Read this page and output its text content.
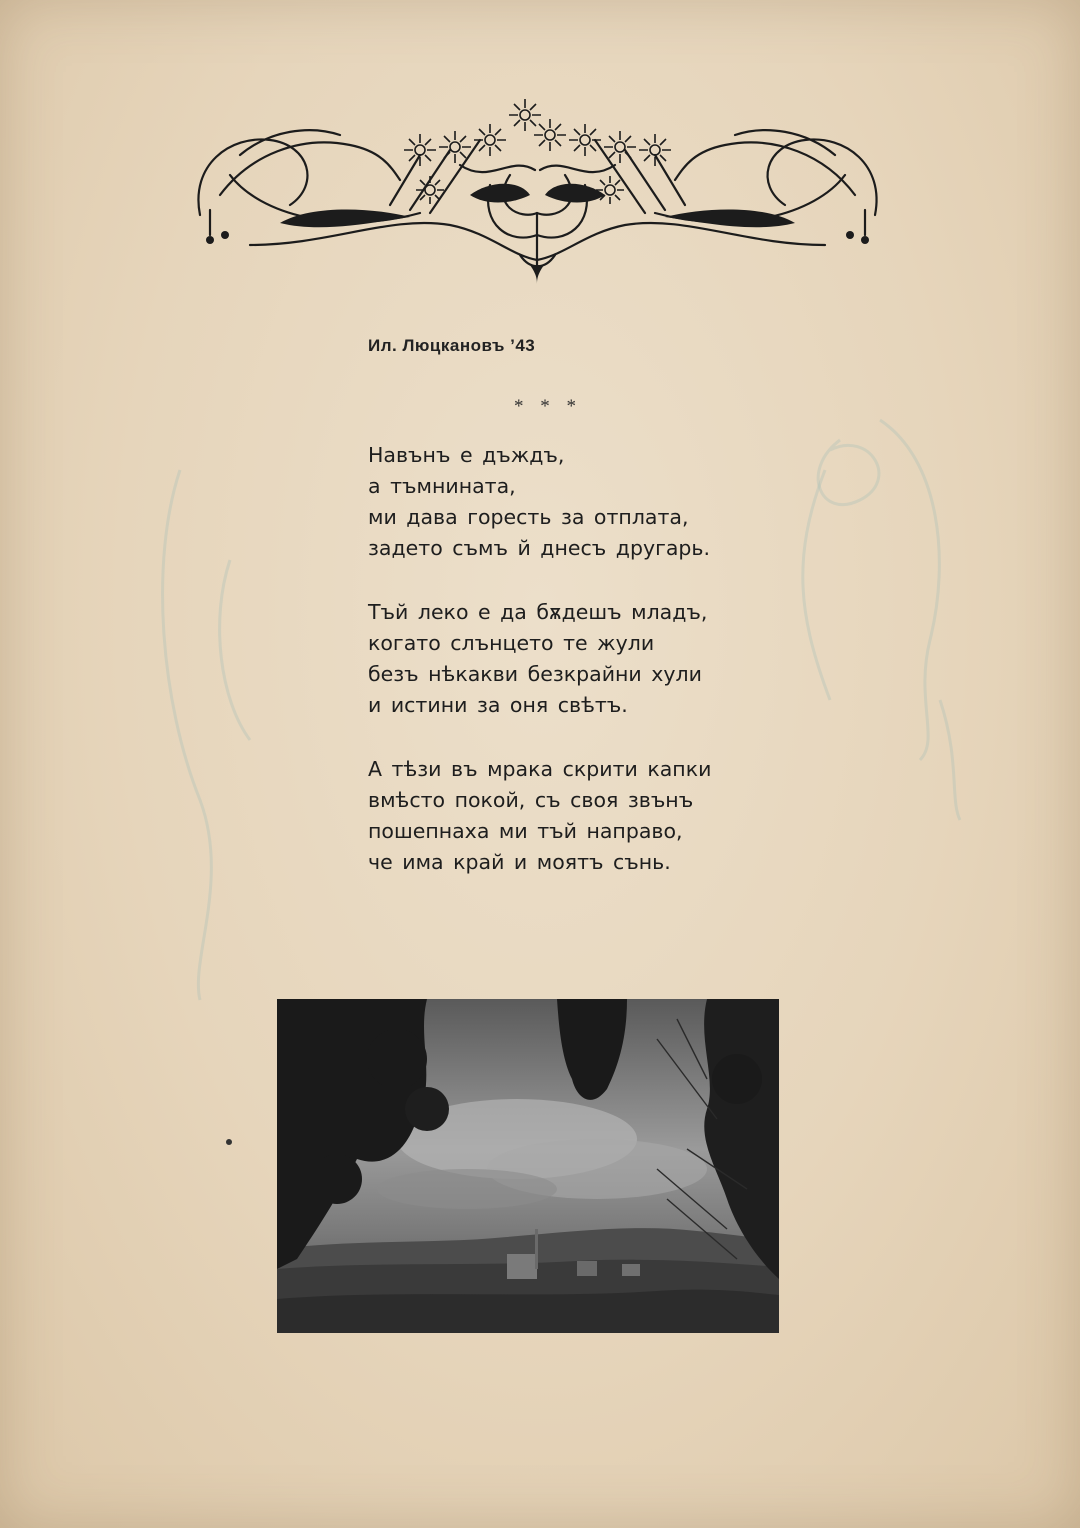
Ил. Люцкановъ ’43
* * *
Навънъ е дъждъ,
а тъмнината,
ми дава горесть за отплата,
задето съмъ й днесъ другарь.
Тъй леко е да бѫдешъ младъ,
когато слънцето те жули
безъ нѣкакви безкрайни хули
и истини за оня свѣтъ.
А тѣзи въ мрака скрити капки
вмѣсто покой, съ своя звънъ
пошепнаха ми тъй направо,
че има край и моятъ сънь.
